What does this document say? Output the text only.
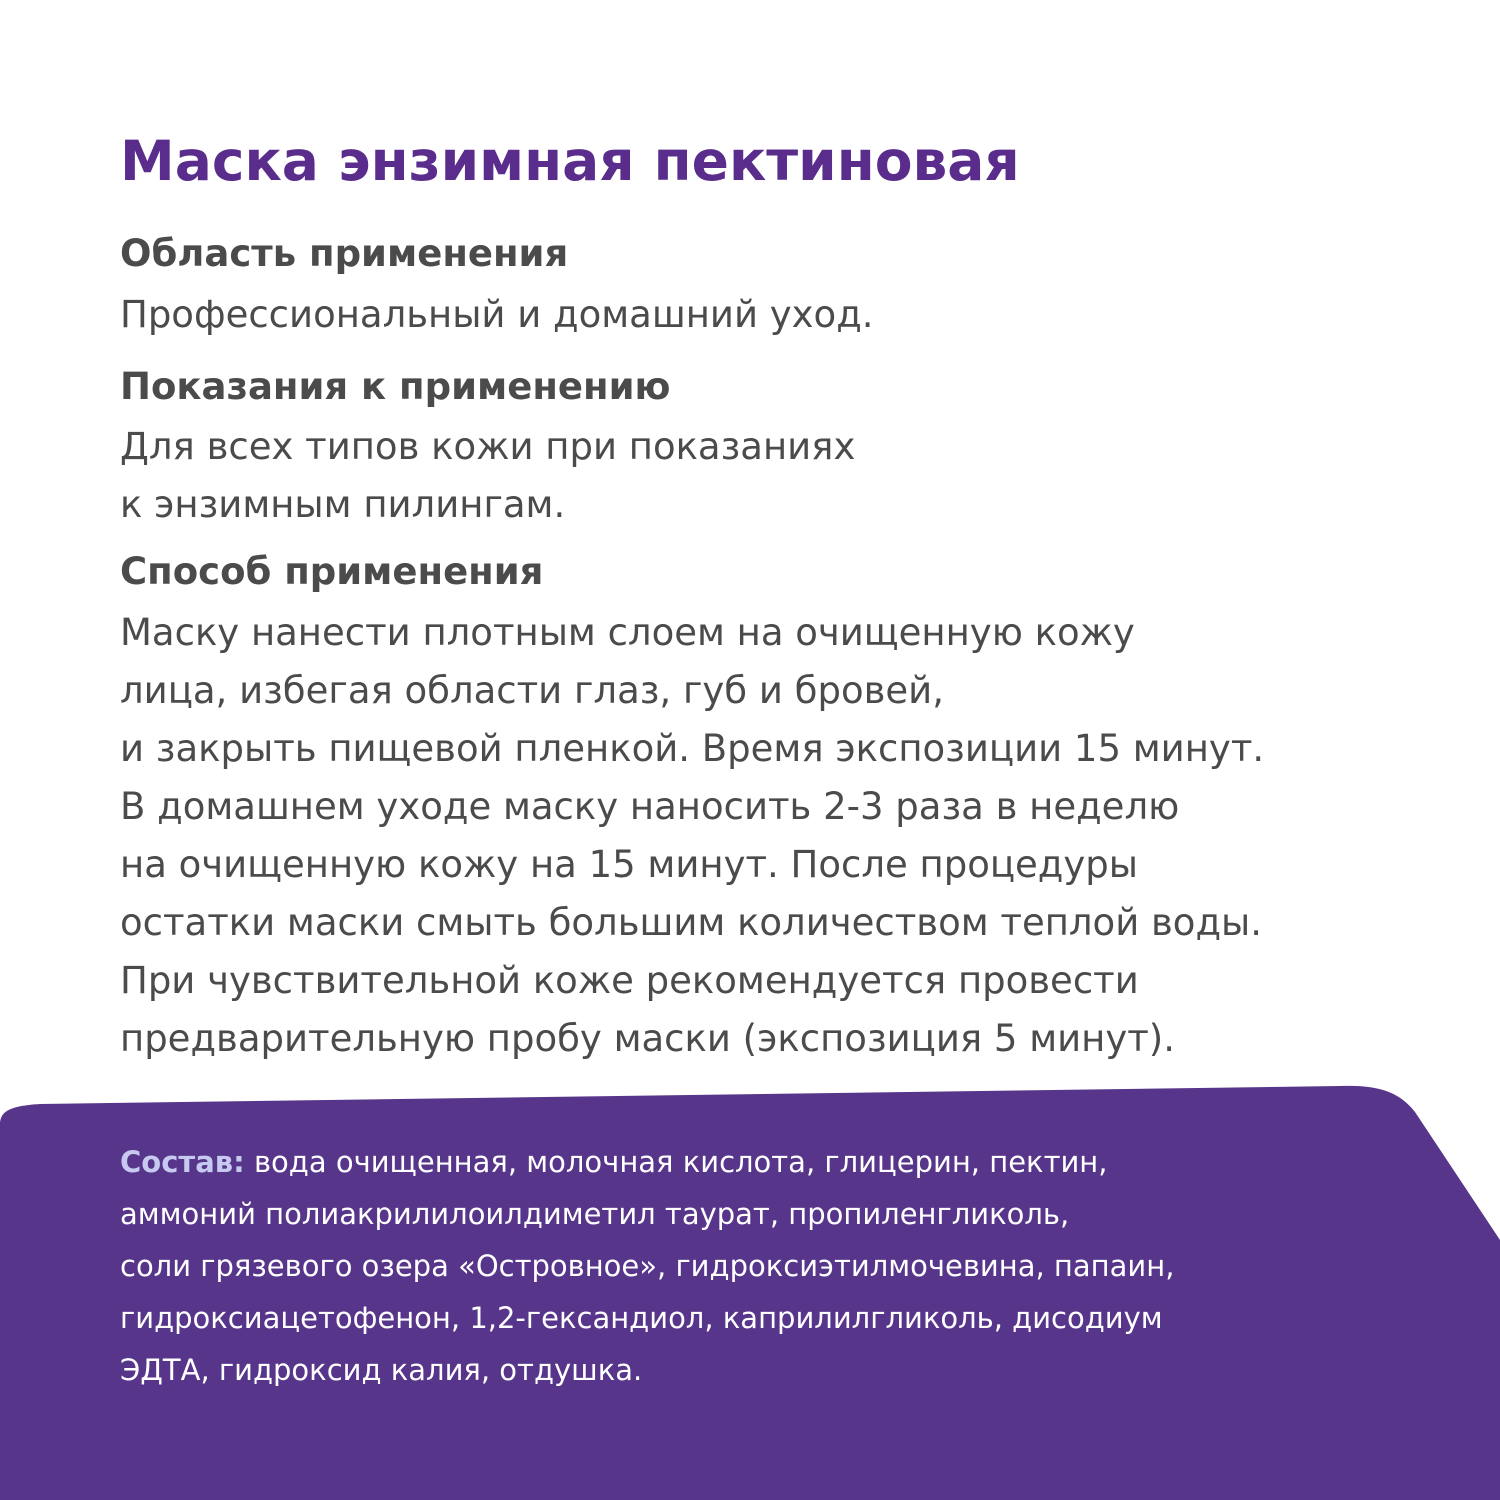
Маска энзимная пектиновая
Область применения
Профессиональный и домашний уход.
Показания к применению
Для всех типов кожи при показаниях
к энзимным пилингам.
Способ применения
Маску нанести плотным слоем на очищенную кожу
лица, избегая области глаз, губ и бровей,
и закрыть пищевой пленкой. Время экспозиции 15 минут.
В домашнем уходе маску наносить 2-3 раза в неделю
на очищенную кожу на 15 минут. После процедуры
остатки маски смыть большим количеством теплой воды.
При чувствительной коже рекомендуется провести
предварительную пробу маски (экспозиция 5 минут).
Состав: вода очищенная, молочная кислота, глицерин, пектин,
аммоний полиакрилилоилдиметил таурат, пропиленгликоль,
соли грязевого озера «Островное», гидроксиэтилмочевина, папаин,
гидроксиацетофенон, 1,2-гександиол, каприлилгликоль, дисодиум
ЭДТА, гидроксид калия, отдушка.
